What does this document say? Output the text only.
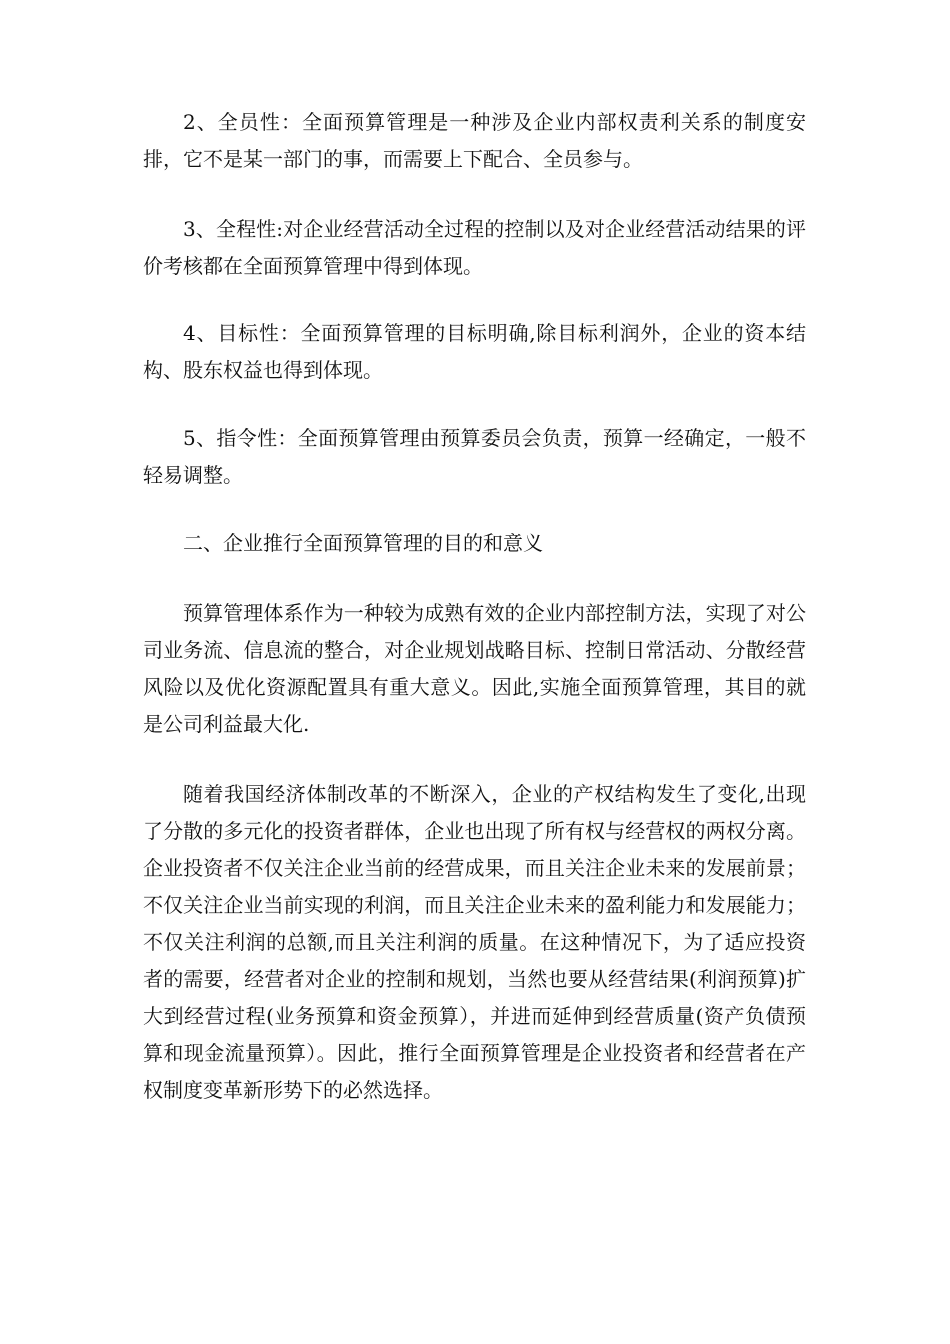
2、全员性：全面预算管理是一种涉及企业内部权责利关系的制度安排，它不是某一部门的事，而需要上下配合、全员参与。

3、全程性:对企业经营活动全过程的控制以及对企业经营活动结果的评价考核都在全面预算管理中得到体现。

4、目标性：全面预算管理的目标明确,除目标利润外，企业的资本结构、股东权益也得到体现。

5、指令性：全面预算管理由预算委员会负责，预算一经确定，一般不轻易调整。

二、企业推行全面预算管理的目的和意义

预算管理体系作为一种较为成熟有效的企业内部控制方法，实现了对公司业务流、信息流的整合，对企业规划战略目标、控制日常活动、分散经营风险以及优化资源配置具有重大意义。因此,实施全面预算管理，其目的就是公司利益最大化.

随着我国经济体制改革的不断深入，企业的产权结构发生了变化,出现了分散的多元化的投资者群体，企业也出现了所有权与经营权的两权分离。企业投资者不仅关注企业当前的经营成果，而且关注企业未来的发展前景；不仅关注企业当前实现的利润，而且关注企业未来的盈利能力和发展能力；不仅关注利润的总额,而且关注利润的质量。在这种情况下，为了适应投资者的需要，经营者对企业的控制和规划，当然也要从经营结果(利润预算)扩大到经营过程(业务预算和资金预算），并进而延伸到经营质量(资产负债预算和现金流量预算）。因此，推行全面预算管理是企业投资者和经营者在产权制度变革新形势下的必然选择。
